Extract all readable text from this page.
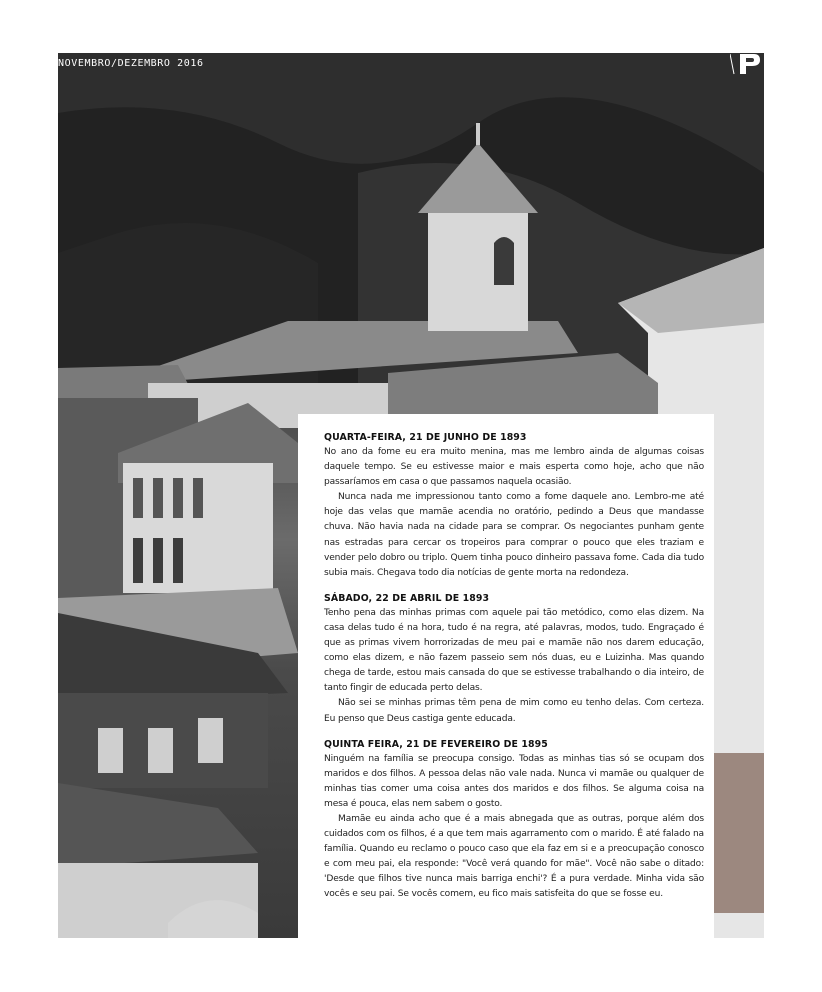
NOVEMBRO/DEZEMBRO 2016
QUARTA-FEIRA, 21 DE JUNHO DE 1893

No ano da fome eu era muito menina, mas me lembro ainda de algumas coisas daquele tempo. Se eu estivesse maior e mais esperta como hoje, acho que não passaríamos em casa o que passamos naquela ocasião.

Nunca nada me impressionou tanto como a fome daquele ano. Lembro-me até hoje das velas que mamãe acendia no oratório, pedindo a Deus que mandasse chuva. Não havia nada na cidade para se comprar. Os negociantes punham gente nas estradas para cercar os tropeiros para comprar o pouco que eles traziam e vender pelo dobro ou triplo. Quem tinha pouco dinheiro passava fome. Cada dia tudo subia mais. Chegava todo dia notícias de gente morta na redondeza.

SÁBADO, 22 DE ABRIL DE 1893

Tenho pena das minhas primas com aquele pai tão metódico, como elas dizem. Na casa delas tudo é na hora, tudo é na regra, até palavras, modos, tudo. Engraçado é que as primas vivem horrorizadas de meu pai e mamãe não nos darem educação, como elas dizem, e não fazem passeio sem nós duas, eu e Luizinha. Mas quando chega de tarde, estou mais cansada do que se estivesse trabalhando o dia inteiro, de tanto fingir de educada perto delas.

Não sei se minhas primas têm pena de mim como eu tenho delas. Com certeza. Eu penso que Deus castiga gente educada.

QUINTA FEIRA, 21 DE FEVEREIRO DE 1895

Ninguém na família se preocupa consigo. Todas as minhas tias só se ocupam dos maridos e dos filhos. A pessoa delas não vale nada. Nunca vi mamãe ou qualquer de minhas tias comer uma coisa antes dos maridos e dos filhos. Se alguma coisa na mesa é pouca, elas nem sabem o gosto.

Mamãe eu ainda acho que é a mais abnegada que as outras, porque além dos cuidados com os filhos, é a que tem mais agarramento com o marido. É até falado na família. Quando eu reclamo o pouco caso que ela faz em si e a preocupação conosco e com meu pai, ela responde: "Você verá quando for mãe". Você não sabe o ditado: 'Desde que filhos tive nunca mais barriga enchi'? É a pura verdade. Minha vida são vocês e seu pai. Se vocês comem, eu fico mais satisfeita do que se fosse eu.
